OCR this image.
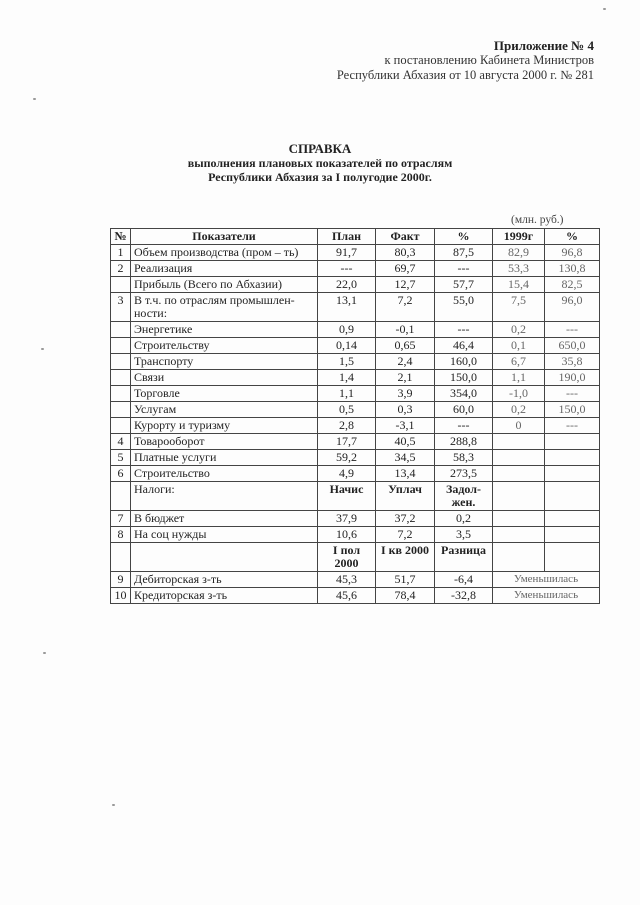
Приложение № 4
к постановлению Кабинета Министров
Республики Абхазия от 10 августа 2000 г. № 281
СПРАВКА
выполнения плановых показателей по отраслям
Республики Абхазия за I полугодие 2000г.
(млн. руб.)
№	Показатели	План	Факт	%	1999г	%
1	Объем производства (пром – ть)	91,7	80,3	87,5	82,9	96,8
2	Реализация	---	69,7	---	53,3	130,8
	Прибыль (Всего по Абхазии)	22,0	12,7	57,7	15,4	82,5
3	В т.ч. по отраслям промышлен-ности:	13,1	7,2	55,0	7,5	96,0
	Энергетике	0,9	-0,1	---	0,2	---
	Строительству	0,14	0,65	46,4	0,1	650,0
	Транспорту	1,5	2,4	160,0	6,7	35,8
	Связи	1,4	2,1	150,0	1,1	190,0
	Торговле	1,1	3,9	354,0	-1,0	---
	Услугам	0,5	0,3	60,0	0,2	150,0
	Курорту и туризму	2,8	-3,1	---	0	---
4	Товарооборот	17,7	40,5	288,8		
5	Платные услуги	59,2	34,5	58,3		
6	Строительство	4,9	13,4	273,5		
	Налоги:	Начис	Уплач	Задол-жен.		
7	В бюджет	37,9	37,2	0,2		
8	На соц нужды	10,6	7,2	3,5		
		I пол 2000	I кв 2000	Разница		
9	Дебиторская з-ть	45,3	51,7	-6,4	Уменьшилась	
10	Кредиторская з-ть	45,6	78,4	-32,8	Уменьшилась	
